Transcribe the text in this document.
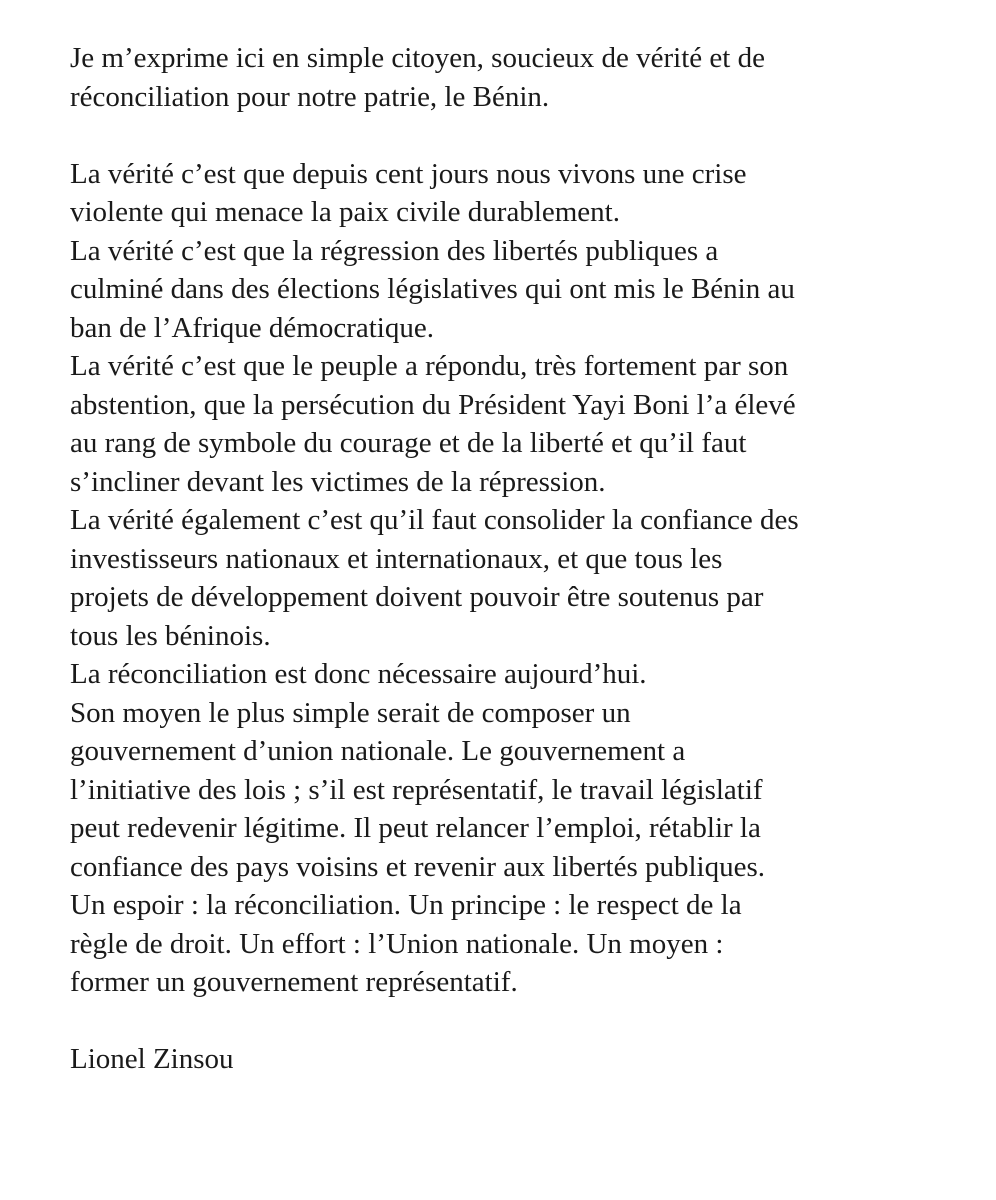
Je m’exprime ici en simple citoyen, soucieux de vérité et de
réconciliation pour notre patrie, le Bénin.
La vérité c’est que depuis cent jours nous vivons une crise
violente qui menace la paix civile durablement.
La vérité c’est que la régression des libertés publiques a
culminé dans des élections législatives qui ont mis le Bénin au
ban de l’Afrique démocratique.
La vérité c’est que le peuple a répondu, très fortement par son
abstention, que la persécution du Président Yayi Boni l’a élevé
au rang de symbole du courage et de la liberté et qu’il faut
s’incliner devant les victimes de la répression.
La vérité également c’est qu’il faut consolider la confiance des
investisseurs nationaux et internationaux, et que tous les
projets de développement doivent pouvoir être soutenus par
tous les béninois.
La réconciliation est donc nécessaire aujourd’hui.
Son moyen le plus simple serait de composer un
gouvernement d’union nationale. Le gouvernement a
l’initiative des lois ; s’il est représentatif, le travail législatif
peut redevenir légitime. Il peut relancer l’emploi, rétablir la
confiance des pays voisins et revenir aux libertés publiques.
Un espoir : la réconciliation. Un principe : le respect de la
règle de droit. Un effort : l’Union nationale. Un moyen :
former un gouvernement représentatif.
Lionel Zinsou
